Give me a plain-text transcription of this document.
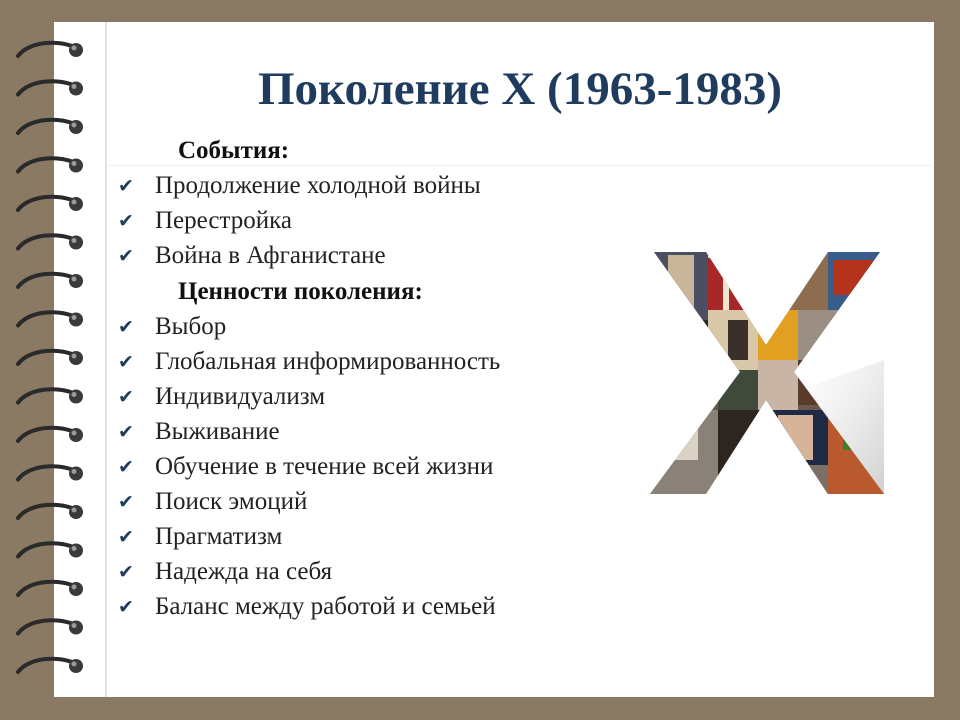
Поколение X (1963-1983)
События:
✔ Продолжение холодной войны
✔ Перестройка
✔ Война в Афганистане
Ценности поколения:
✔ Выбор
✔ Глобальная информированность
✔ Индивидуализм
✔ Выживание
✔ Обучение в течение всей жизни
✔ Поиск эмоций
✔ Прагматизм
✔ Надежда на себя
✔ Баланс между работой и семьей
